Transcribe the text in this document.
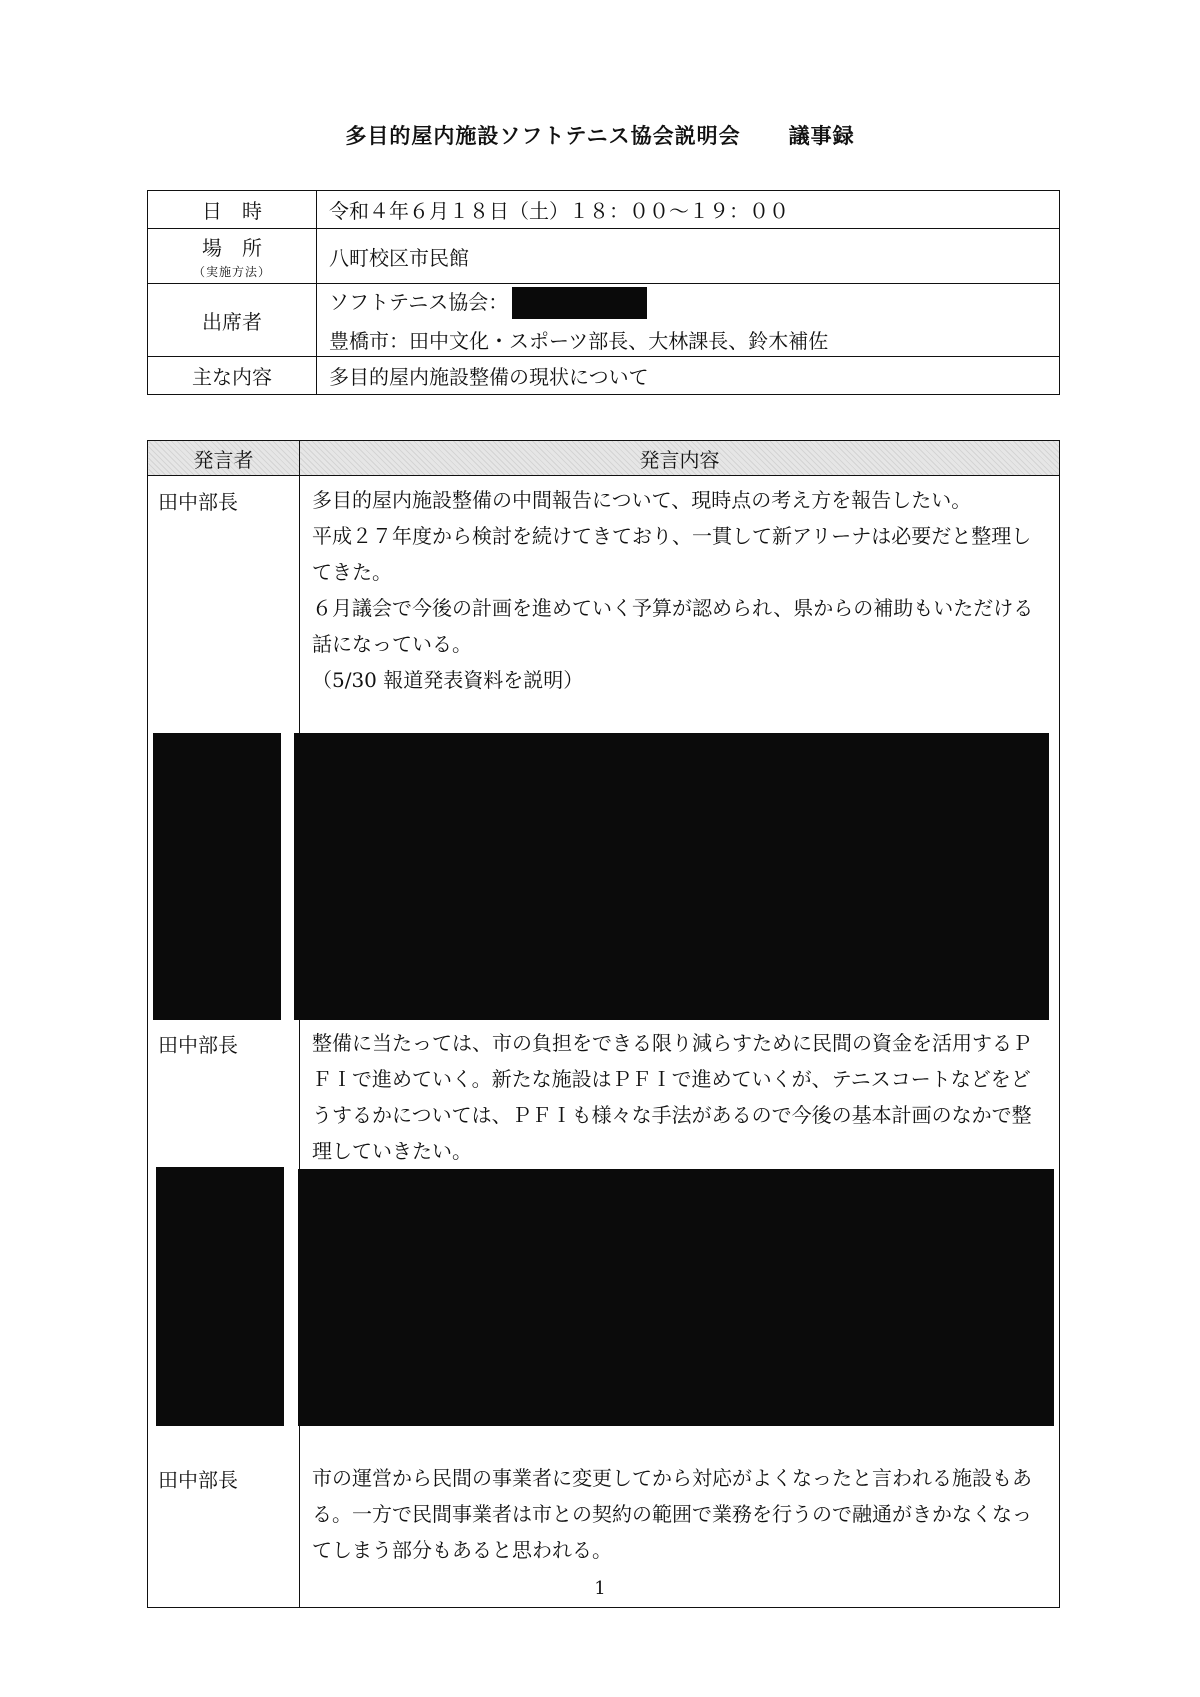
多目的屋内施設ソフトテニス協会説明会 議事録
日　時	令和４年６月１８日（土）１８：００～１９：００
場　所
（実施方法）	八町校区市民館
出席者	ソフトテニス協会：
豊橋市：田中文化・スポーツ部長、大林課長、鈴木補佐

主な内容	多目的屋内施設整備の現状について
発言者	発言内容
田中部長	多目的屋内施設整備の中間報告について、現時点の考え方を報告したい。
平成２７年度から検討を続けてきており、一貫して新アリーナは必要だと整理してきた。
６月議会で今後の計画を進めていく予算が認められ、県からの補助もいただける話になっている。
（5/30 報道発表資料を説明）

田中部長	整備に当たっては、市の負担をできる限り減らすために民間の資金を活用するＰＦＩで進めていく。新たな施設はＰＦＩで進めていくが、テニスコートなどをどうするかについては、ＰＦＩも様々な手法があるので今後の基本計画のなかで整理していきたい。

田中部長	市の運営から民間の事業者に変更してから対応がよくなったと言われる施設もある。一方で民間事業者は市との契約の範囲で業務を行うので融通がきかなくなってしまう部分もあると思われる。
1
